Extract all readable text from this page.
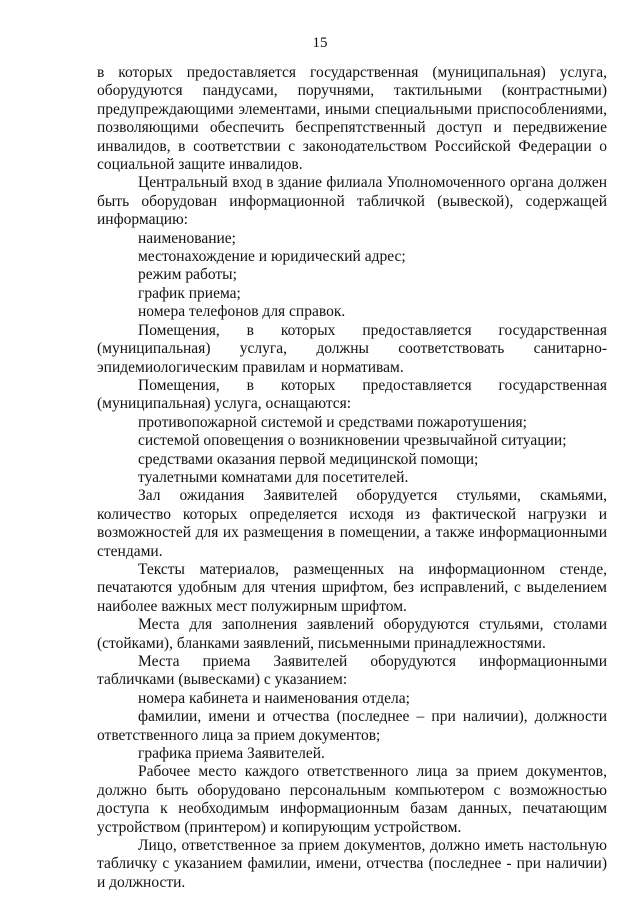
15

в которых предоставляется государственная (муниципальная) услуга, оборудуются пандусами, поручнями, тактильными (контрастными) предупреждающими элементами, иными специальными приспособлениями, позволяющими обеспечить беспрепятственный доступ и передвижение инвалидов, в соответствии с законодательством Российской Федерации о социальной защите инвалидов.

Центральный вход в здание филиала Уполномоченного органа должен быть оборудован информационной табличкой (вывеской), содержащей информацию:

наименование;

местонахождение и юридический адрес;

режим работы;

график приема;

номера телефонов для справок.

Помещения, в которых предоставляется государственная (муниципальная) услуга, должны соответствовать санитарно-эпидемиологическим правилам и нормативам.

Помещения, в которых предоставляется государственная (муниципальная) услуга, оснащаются:

противопожарной системой и средствами пожаротушения;

системой оповещения о возникновении чрезвычайной ситуации;

средствами оказания первой медицинской помощи;

туалетными комнатами для посетителей.

Зал ожидания Заявителей оборудуется стульями, скамьями, количество которых определяется исходя из фактической нагрузки и возможностей для их размещения в помещении, а также информационными стендами.

Тексты материалов, размещенных на информационном стенде, печатаются удобным для чтения шрифтом, без исправлений, с выделением наиболее важных мест полужирным шрифтом.

Места для заполнения заявлений оборудуются стульями, столами (стойками), бланками заявлений, письменными принадлежностями.

Места приема Заявителей оборудуются информационными табличками (вывесками) с указанием:

номера кабинета и наименования отдела;

фамилии, имени и отчества (последнее – при наличии), должности ответственного лица за прием документов;

графика приема Заявителей.

Рабочее место каждого ответственного лица за прием документов, должно быть оборудовано персональным компьютером с возможностью доступа к необходимым информационным базам данных, печатающим устройством (принтером) и копирующим устройством.

Лицо, ответственное за прием документов, должно иметь настольную табличку с указанием фамилии, имени, отчества (последнее - при наличии) и должности.
